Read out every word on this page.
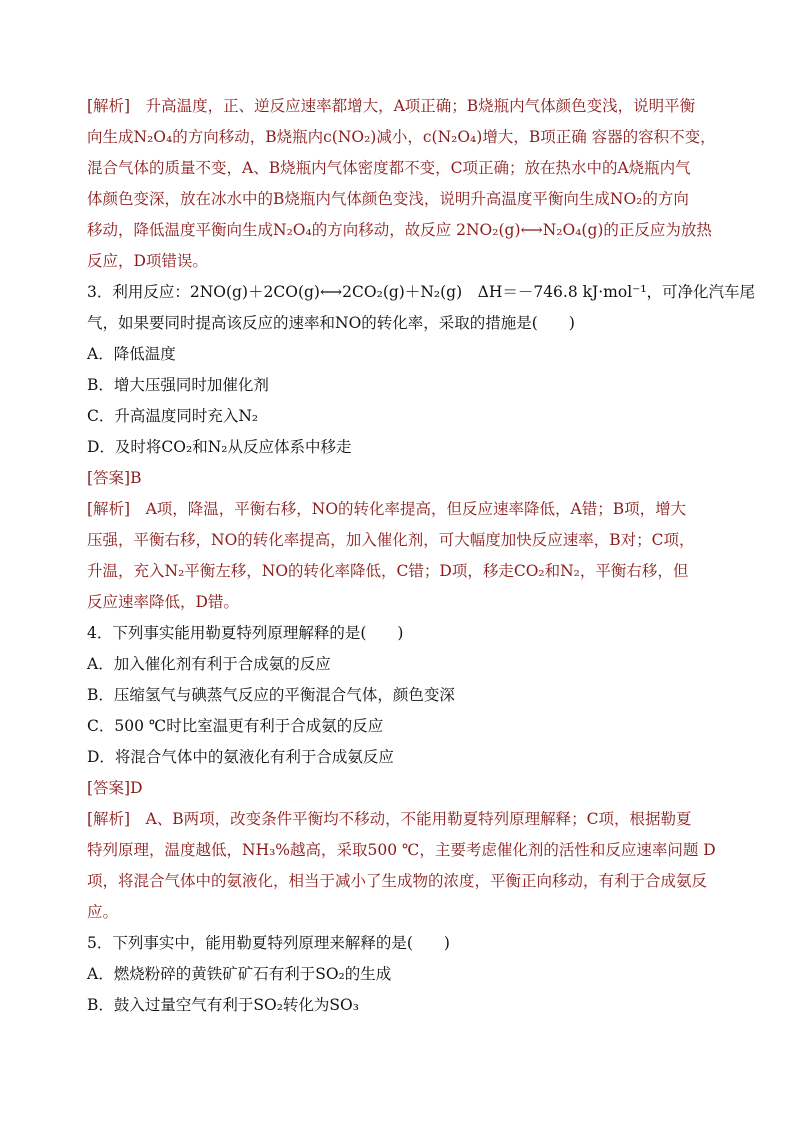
[解析]　升高温度，正、逆反应速率都增大，A项正确；B烧瓶内气体颜色变浅，说明平衡
向生成N₂O₄的方向移动，B烧瓶内c(NO₂)减小，c(N₂O₄)增大，B项正确 容器的容积不变，
混合气体的质量不变，A、B烧瓶内气体密度都不变，C项正确；放在热水中的A烧瓶内气
体颜色变深，放在冰水中的B烧瓶内气体颜色变浅，说明升高温度平衡向生成NO₂的方向
移动，降低温度平衡向生成N₂O₄的方向移动，故反应 2NO₂(g)⟷N₂O₄(g)的正反应为放热
反应，D项错误。
3．利用反应：2NO(g)＋2CO(g)⟷2CO₂(g)＋N₂(g)　ΔH＝－746.8 kJ·mol⁻¹，可净化汽车尾
气，如果要同时提高该反应的速率和NO的转化率，采取的措施是(　　)
A．降低温度
B．增大压强同时加催化剂
C．升高温度同时充入N₂
D．及时将CO₂和N₂从反应体系中移走
[答案]B
[解析]　A项，降温，平衡右移，NO的转化率提高，但反应速率降低，A错；B项，增大
压强，平衡右移，NO的转化率提高，加入催化剂，可大幅度加快反应速率，B对；C项，
升温，充入N₂平衡左移，NO的转化率降低，C错；D项，移走CO₂和N₂，平衡右移，但
反应速率降低，D错。
4．下列事实能用勒夏特列原理解释的是(　　)
A．加入催化剂有利于合成氨的反应
B．压缩氢气与碘蒸气反应的平衡混合气体，颜色变深
C．500 ℃时比室温更有利于合成氨的反应
D．将混合气体中的氨液化有利于合成氨反应
[答案]D
[解析]　A、B两项，改变条件平衡均不移动，不能用勒夏特列原理解释；C项，根据勒夏
特列原理，温度越低，NH₃%越高，采取500 ℃，主要考虑催化剂的活性和反应速率问题 D
项，将混合气体中的氨液化，相当于减小了生成物的浓度，平衡正向移动，有利于合成氨反
应。
5．下列事实中，能用勒夏特列原理来解释的是(　　)
A．燃烧粉碎的黄铁矿矿石有利于SO₂的生成
B．鼓入过量空气有利于SO₂转化为SO₃
